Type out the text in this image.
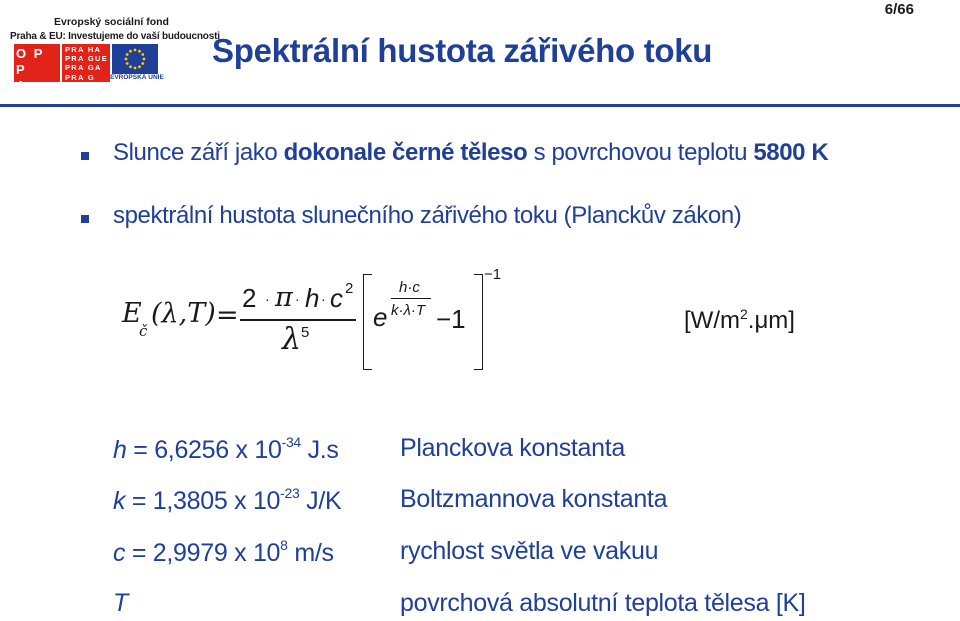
Evropský sociální fond
Praha & EU: Investujeme do vaší budoucnosti
O P P
A
PRA HA
PRA GUE
PRA GA
PRA G	EVROPSKÁ UNIE
6/66
Spektrální hustota zářivého toku
Slunce září jako dokonale černé těleso s povrchovou teplotu 5800 K
spektrální hustota slunečního zářivého toku (Planckův zákon)
E
č
(λ,T) =
2 · π · h · c 2
λ 5
−1
e
h·c
k·λ·T −1	$[W/m^2.\mu m]$
h = 6,6256 x $10^{-34}$ J.s Planckova konstanta
k = 1,3805 x $10^{-23}$ J/K Boltzmannova konstanta
c = 2,9979 x $10^8$ m/s	rychlost světla ve vakuu
T	povrchová absolutní teplota tělesa [K]
